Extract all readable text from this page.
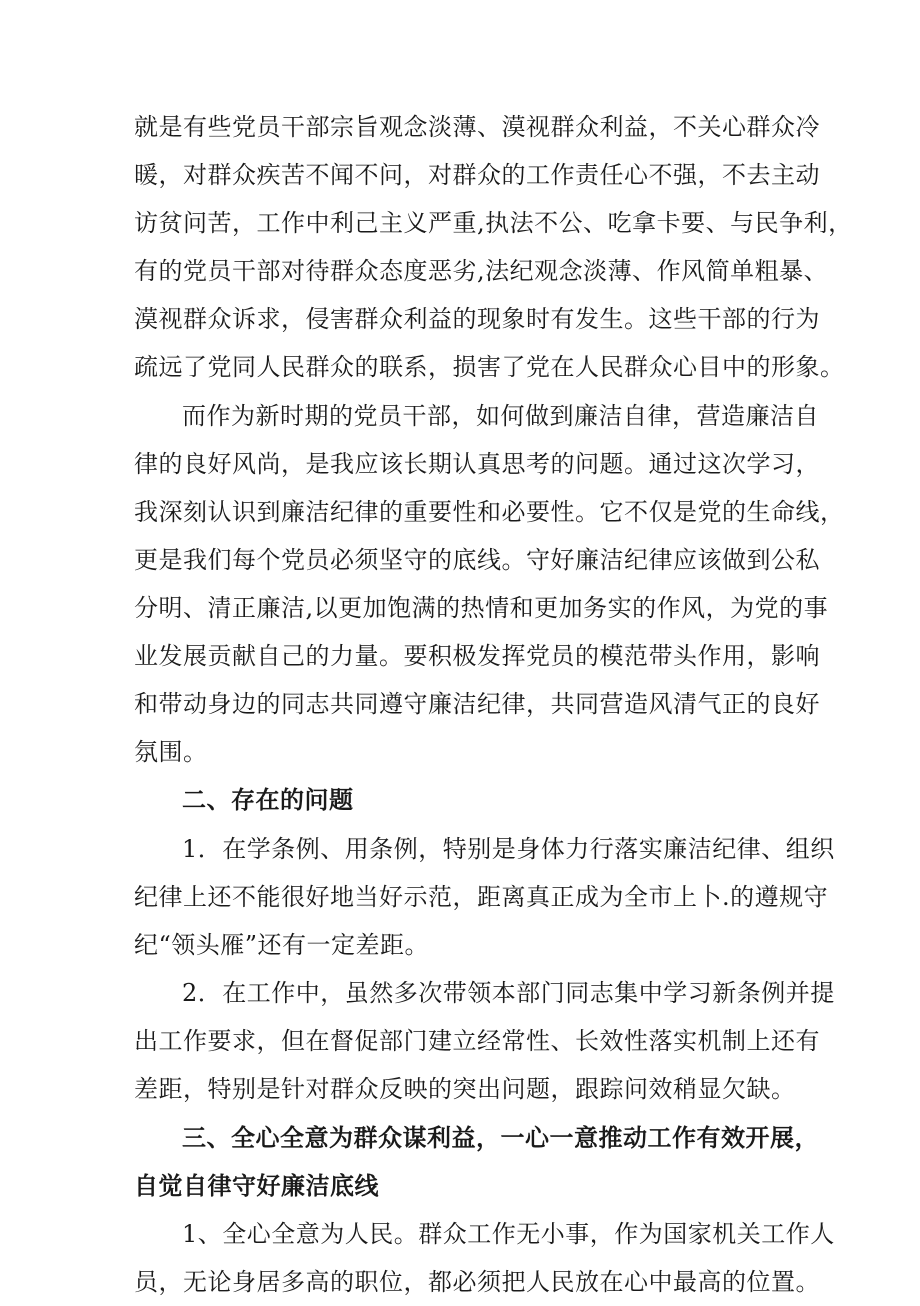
就是有些党员干部宗旨观念淡薄、漠视群众利益，不关心群众冷
暖，对群众疾苦不闻不问，对群众的工作责任心不强，不去主动
访贫问苦，工作中利己主义严重,执法不公、吃拿卡要、与民争利，
有的党员干部对待群众态度恶劣,法纪观念淡薄、作风简单粗暴、
漠视群众诉求，侵害群众利益的现象时有发生。这些干部的行为
疏远了党同人民群众的联系，损害了党在人民群众心目中的形象。
而作为新时期的党员干部，如何做到廉洁自律，营造廉洁自
律的良好风尚，是我应该长期认真思考的问题。通过这次学习，
我深刻认识到廉洁纪律的重要性和必要性。它不仅是党的生命线，
更是我们每个党员必须坚守的底线。守好廉洁纪律应该做到公私
分明、清正廉洁,以更加饱满的热情和更加务实的作风，为党的事
业发展贡献自己的力量。要积极发挥党员的模范带头作用，影响
和带动身边的同志共同遵守廉洁纪律，共同营造风清气正的良好
氛围。
二、存在的问题
1．在学条例、用条例，特别是身体力行落实廉洁纪律、组织
纪律上还不能很好地当好示范，距离真正成为全市上卜.的遵规守
纪“领头雁”还有一定差距。
2．在工作中，虽然多次带领本部门同志集中学习新条例并提
出工作要求，但在督促部门建立经常性、长效性落实机制上还有
差距，特别是针对群众反映的突出问题，跟踪问效稍显欠缺。
三、全心全意为群众谋利益，一心一意推动工作有效开展，
自觉自律守好廉洁底线
1、全心全意为人民。群众工作无小事，作为国家机关工作人
员，无论身居多高的职位，都必须把人民放在心中最高的位置。
